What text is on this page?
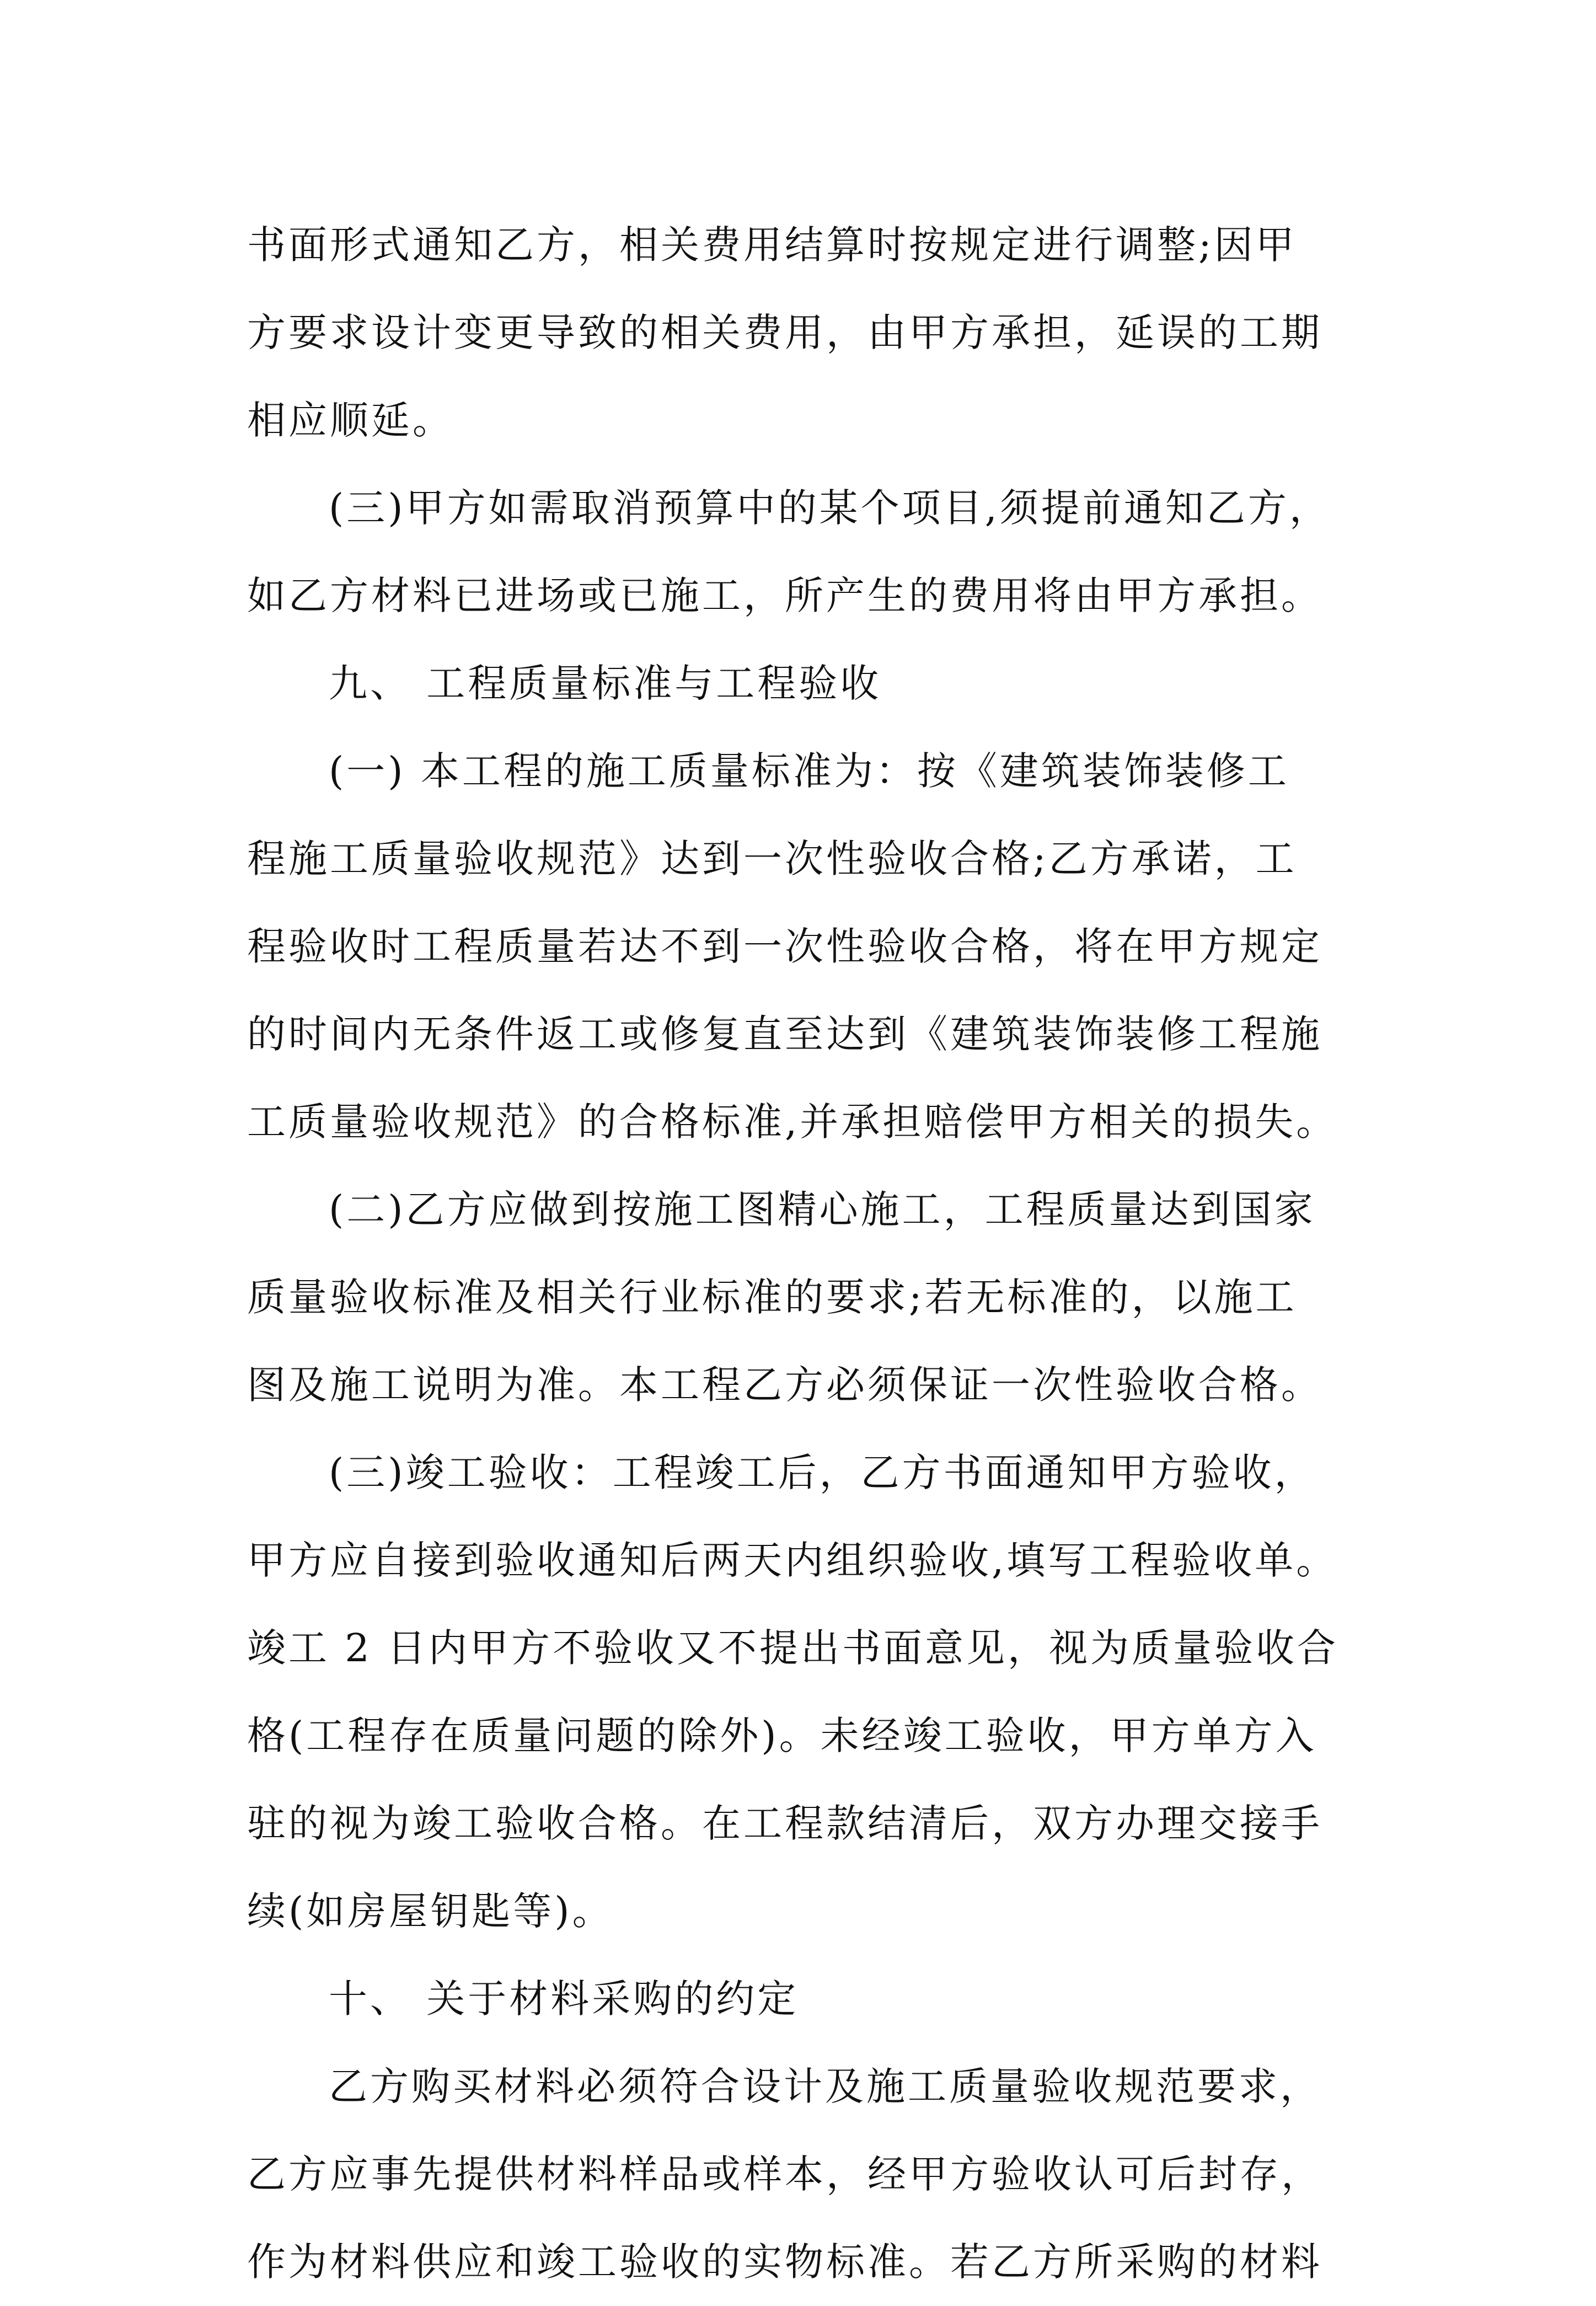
书面形式通知乙方，相关费用结算时按规定进行调整;因甲
方要求设计变更导致的相关费用，由甲方承担，延误的工期
相应顺延。
(三)甲方如需取消预算中的某个项目,须提前通知乙方，
如乙方材料已进场或已施工，所产生的费用将由甲方承担。
九、 工程质量标准与工程验收
(一) 本工程的施工质量标准为：按《建筑装饰装修工
程施工质量验收规范》达到一次性验收合格;乙方承诺，工
程验收时工程质量若达不到一次性验收合格，将在甲方规定
的时间内无条件返工或修复直至达到《建筑装饰装修工程施
工质量验收规范》的合格标准,并承担赔偿甲方相关的损失。
(二)乙方应做到按施工图精心施工，工程质量达到国家
质量验收标准及相关行业标准的要求;若无标准的，以施工
图及施工说明为准。本工程乙方必须保证一次性验收合格。
(三)竣工验收：工程竣工后，乙方书面通知甲方验收，
甲方应自接到验收通知后两天内组织验收,填写工程验收单。
竣工 2 日内甲方不验收又不提出书面意见，视为质量验收合
格(工程存在质量问题的除外)。未经竣工验收，甲方单方入
驻的视为竣工验收合格。在工程款结清后，双方办理交接手
续(如房屋钥匙等)。
十、 关于材料采购的约定
乙方购买材料必须符合设计及施工质量验收规范要求，
乙方应事先提供材料样品或样本，经甲方验收认可后封存，
作为材料供应和竣工验收的实物标准。若乙方所采购的材料
